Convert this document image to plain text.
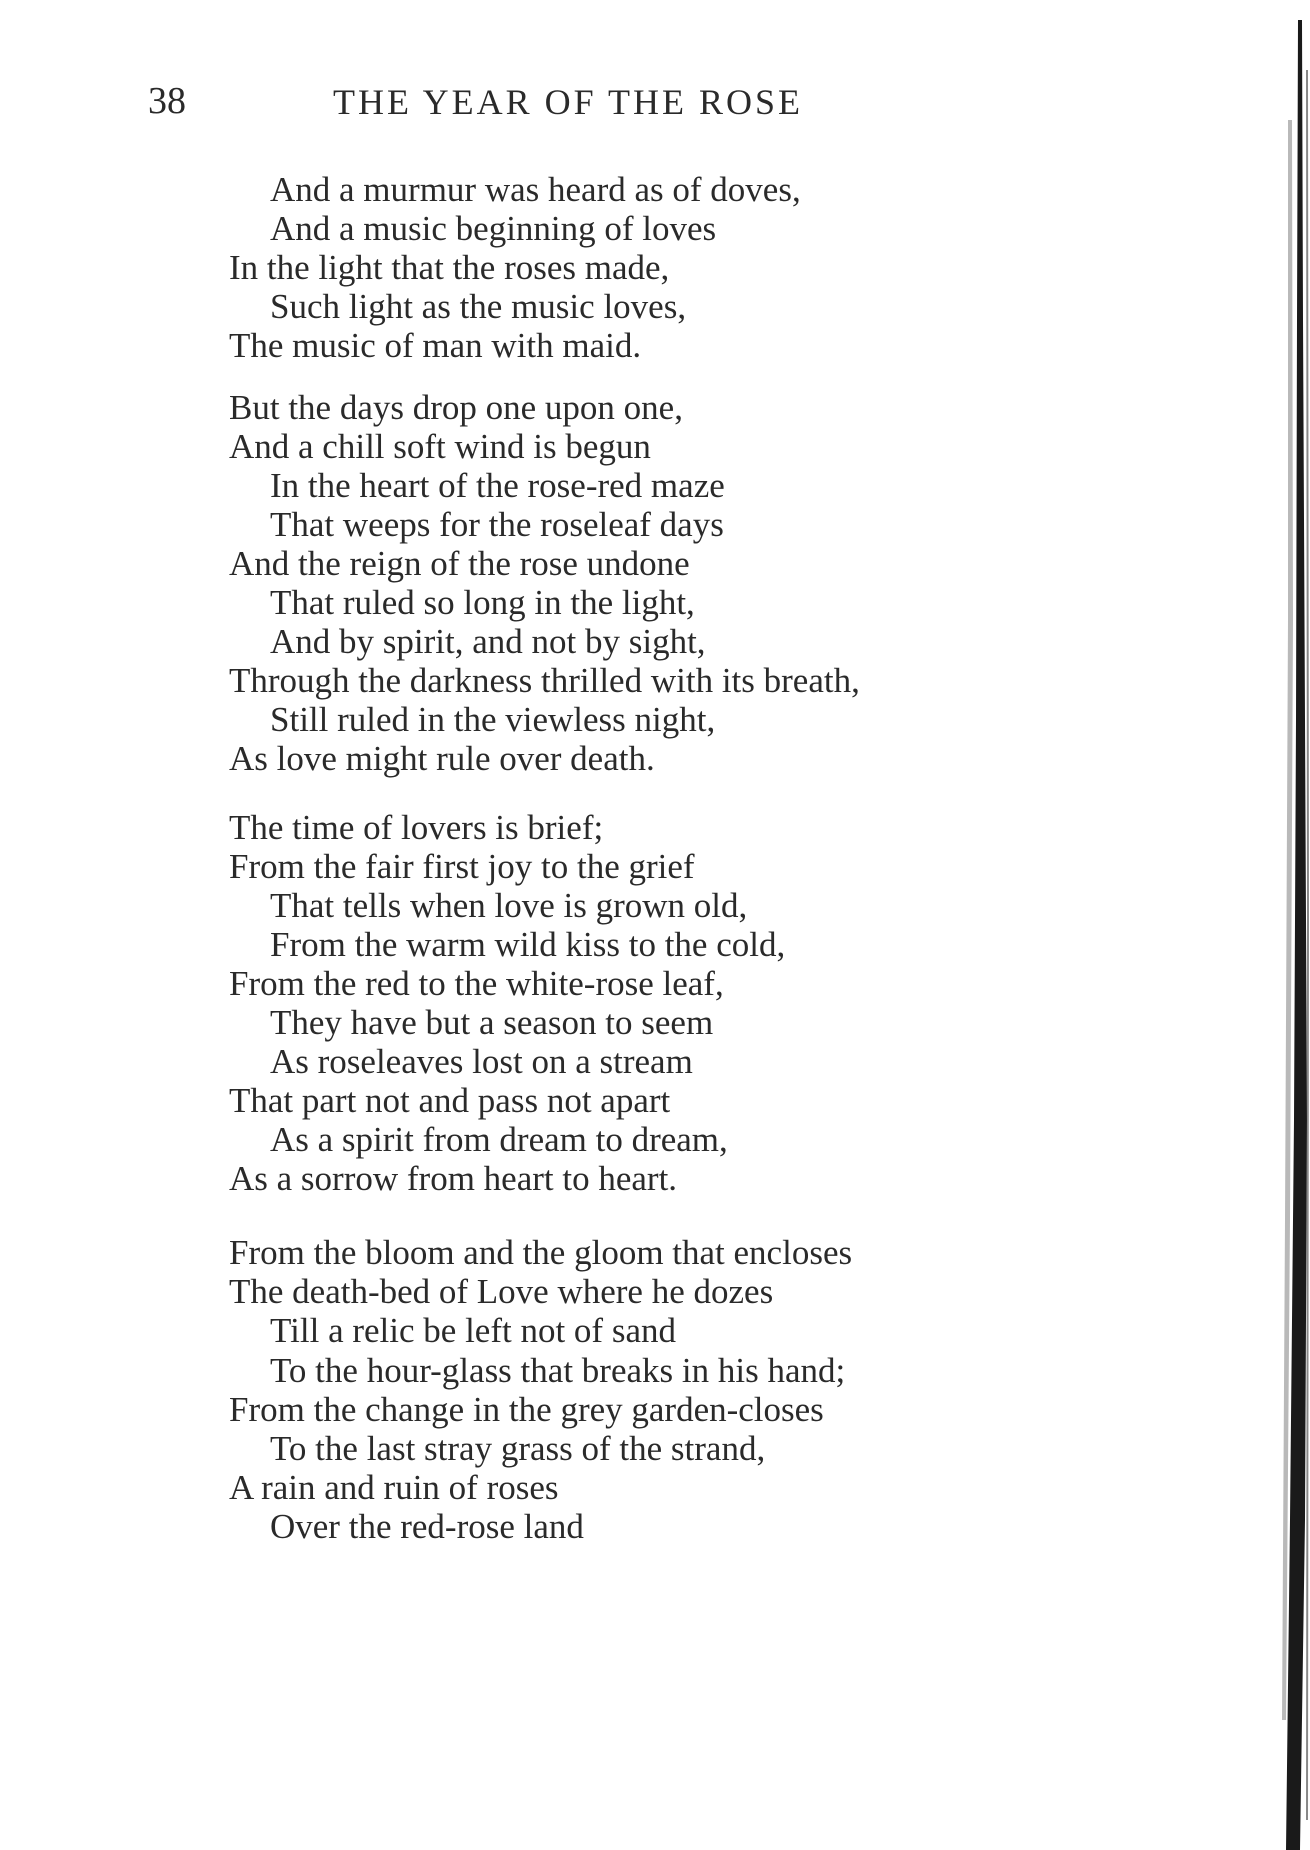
38	THE YEAR OF THE ROSE
And a murmur was heard as of doves,
And a music beginning of loves
In the light that the roses made,
Such light as the music loves,
The music of man with maid.
But the days drop one upon one,
And a chill soft wind is begun
In the heart of the rose-red maze
That weeps for the roseleaf days
And the reign of the rose undone
That ruled so long in the light,
And by spirit, and not by sight,
Through the darkness thrilled with its breath,
Still ruled in the viewless night,
As love might rule over death.
The time of lovers is brief;
From the fair first joy to the grief
That tells when love is grown old,
From the warm wild kiss to the cold,
From the red to the white-rose leaf,
They have but a season to seem
As roseleaves lost on a stream
That part not and pass not apart
As a spirit from dream to dream,
As a sorrow from heart to heart.
From the bloom and the gloom that encloses
The death-bed of Love where he dozes
Till a relic be left not of sand
To the hour-glass that breaks in his hand;
From the change in the grey garden-closes
To the last stray grass of the strand,
A rain and ruin of roses
Over the red-rose land
